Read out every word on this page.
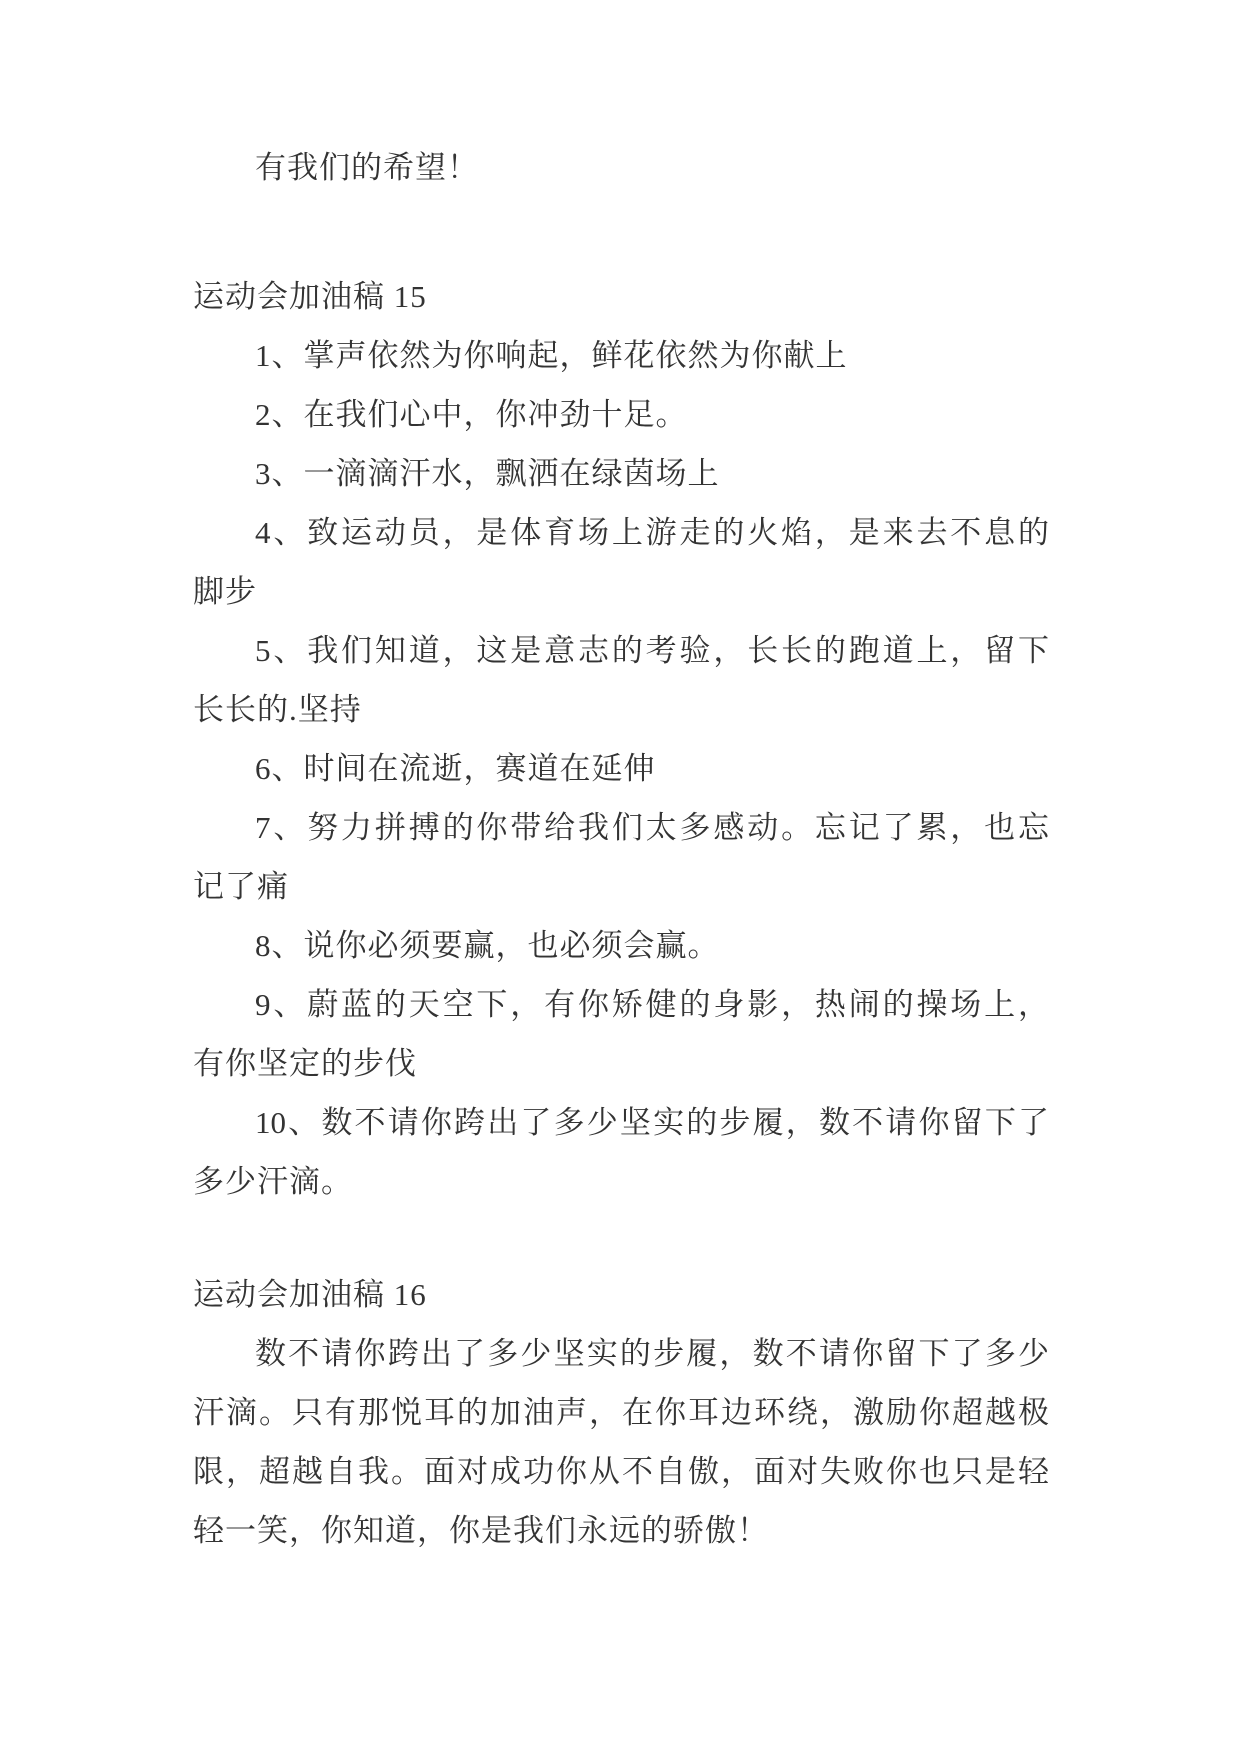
有我们的希望！
运动会加油稿 15
1、掌声依然为你响起，鲜花依然为你献上
2、在我们心中，你冲劲十足。
3、一滴滴汗水，飘洒在绿茵场上
4、致运动员，是体育场上游走的火焰，是来去不息的
脚步
5、我们知道，这是意志的考验，长长的跑道上，留下
长长的.坚持
6、时间在流逝，赛道在延伸
7、努力拼搏的你带给我们太多感动。忘记了累，也忘
记了痛
8、说你必须要赢，也必须会赢。
9、蔚蓝的天空下，有你矫健的身影，热闹的操场上，
有你坚定的步伐
10、数不请你跨出了多少坚实的步履，数不请你留下了
多少汗滴。
运动会加油稿 16
数不请你跨出了多少坚实的步履，数不请你留下了多少
汗滴。只有那悦耳的加油声，在你耳边环绕，激励你超越极
限，超越自我。面对成功你从不自傲，面对失败你也只是轻
轻一笑，你知道，你是我们永远的骄傲！
